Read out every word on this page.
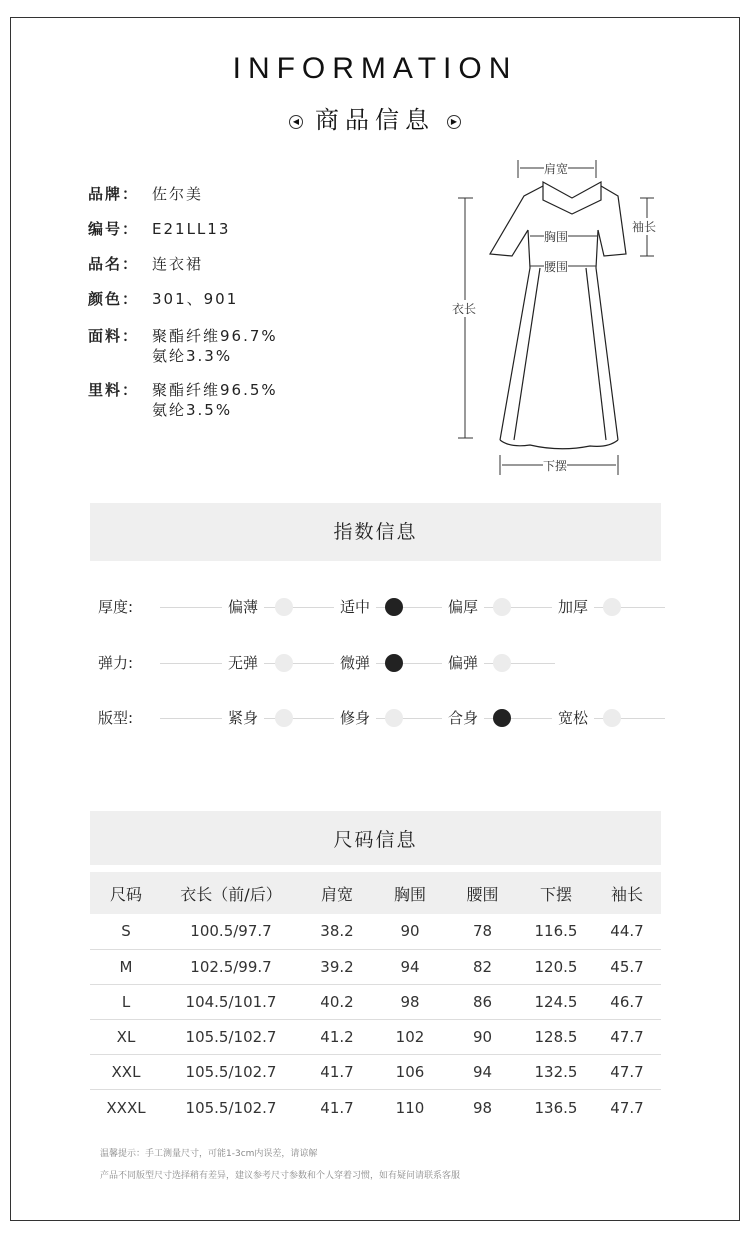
INFORMATION
◀ 商品信息 ▶
品牌： 佐尔美
编号： E21LL13
品名： 连衣裙
颜色： 301、901
面料： 聚酯纤维96.7%
氨纶3.3%
里料： 聚酯纤维96.5%
氨纶3.5%
肩宽
袖长
胸围
腰围
衣长
下摆
指数信息
厚度:	偏薄	适中	偏厚	加厚
弹力:	无弹	微弹	偏弹
版型:	紧身	修身	合身	宽松
尺码信息
尺码	衣长（前/后）	肩宽	胸围	腰围	下摆	袖长
S	100.5/97.7	38.2	90	78	116.5	44.7
M	102.5/99.7	39.2	94	82	120.5	45.7
L	104.5/101.7	40.2	98	86	124.5	46.7
XL	105.5/102.7	41.2	102	90	128.5	47.7
XXL	105.5/102.7	41.7	106	94	132.5	47.7
XXXL	105.5/102.7	41.7	110	98	136.5	47.7
温馨提示：手工测量尺寸，可能1-3cm内误差，请谅解
产品不同版型尺寸选择稍有差异，建议参考尺寸参数和个人穿着习惯，如有疑问请联系客服
